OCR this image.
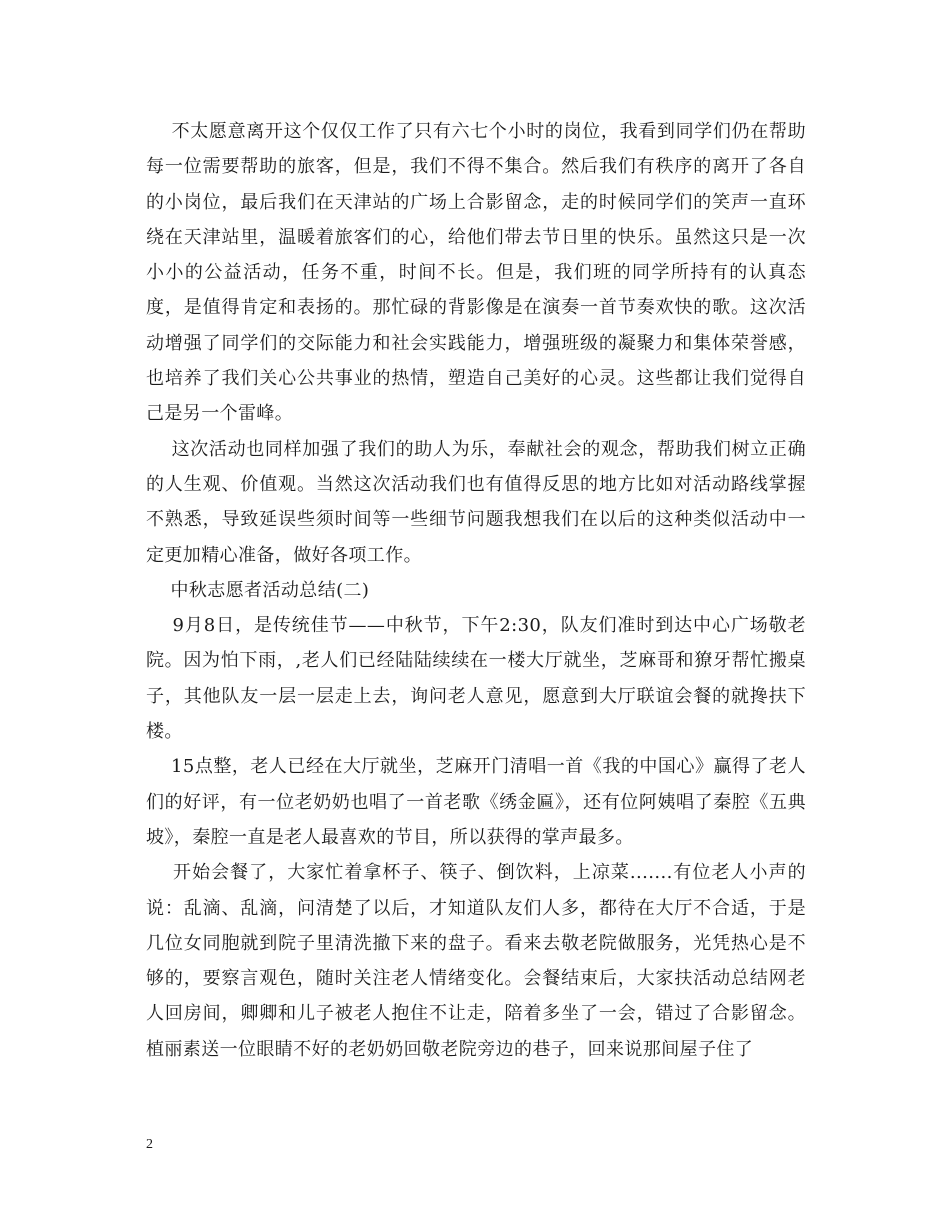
不太愿意离开这个仅仅工作了只有六七个小时的岗位，我看到同学们仍在帮助每一位需要帮助的旅客，但是，我们不得不集合。然后我们有秩序的离开了各自的小岗位，最后我们在天津站的广场上合影留念，走的时候同学们的笑声一直环绕在天津站里，温暖着旅客们的心，给他们带去节日里的快乐。虽然这只是一次小小的公益活动，任务不重，时间不长。但是，我们班的同学所持有的认真态度，是值得肯定和表扬的。那忙碌的背影像是在演奏一首节奏欢快的歌。这次活动增强了同学们的交际能力和社会实践能力，增强班级的凝聚力和集体荣誉感，也培养了我们关心公共事业的热情，塑造自己美好的心灵。这些都让我们觉得自己是另一个雷峰。

这次活动也同样加强了我们的助人为乐，奉献社会的观念，帮助我们树立正确的人生观、价值观。当然这次活动我们也有值得反思的地方比如对活动路线掌握不熟悉，导致延误些须时间等一些细节问题我想我们在以后的这种类似活动中一定更加精心准备，做好各项工作。

中秋志愿者活动总结(二)

9月8日，是传统佳节——中秋节，下午2:30，队友们准时到达中心广场敬老院。因为怕下雨，,老人们已经陆陆续续在一楼大厅就坐，芝麻哥和獠牙帮忙搬桌子，其他队友一层一层走上去，询问老人意见，愿意到大厅联谊会餐的就搀扶下楼。

15点整，老人已经在大厅就坐，芝麻开门清唱一首《我的中国心》赢得了老人们的好评，有一位老奶奶也唱了一首老歌《绣金匾》，还有位阿姨唱了秦腔《五典坡》，秦腔一直是老人最喜欢的节目，所以获得的掌声最多。

开始会餐了，大家忙着拿杯子、筷子、倒饮料，上凉菜.......有位老人小声的说：乱滴、乱滴，问清楚了以后，才知道队友们人多，都待在大厅不合适，于是几位女同胞就到院子里清洗撤下来的盘子。看来去敬老院做服务，光凭热心是不够的，要察言观色，随时关注老人情绪变化。会餐结束后，大家扶活动总结网老人回房间，卿卿和儿子被老人抱住不让走，陪着多坐了一会，错过了合影留念。植丽素送一位眼睛不好的老奶奶回敬老院旁边的巷子，回来说那间屋子住了

2
